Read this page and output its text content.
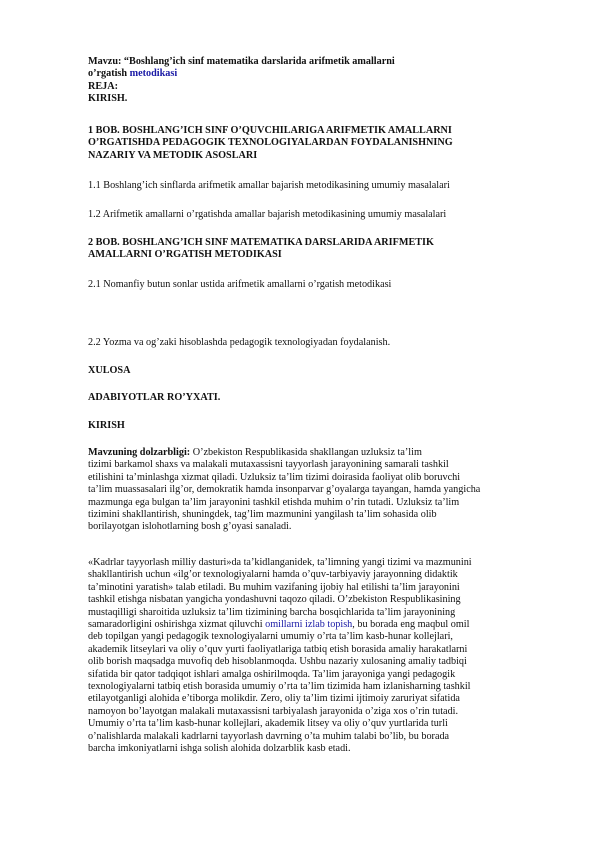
Mavzu: “Boshlang’ich sinf matematika darslarida arifmetik amallarni
o’rgatish metodikasi
REJA:
KIRISH.
1 BOB. BOSHLANG’ICH SINF O’QUVCHILARIGA ARIFMETIK AMALLARNI
O’RGATISHDA PEDAGOGIK TEXNOLOGIYALARDAN FOYDALANISHNING
NAZARIY VA METODIK ASOSLARI
1.1 Boshlang’ich sinflarda arifmetik amallar bajarish metodikasining umumiy masalalari
1.2 Arifmetik amallarni o’rgatishda amallar bajarish metodikasining umumiy masalalari
2 BOB. BOSHLANG’ICH SINF MATEMATIKA DARSLARIDA ARIFMETIK
AMALLARNI O’RGATISH METODIKASI
2.1 Nomanfiy butun sonlar ustida arifmetik amallarni o’rgatish metodikasi
2.2 Yozma va og’zaki hisoblashda pedagogik texnologiyadan foydalanish.
XULOSA
ADABIYOTLAR RO’YXATI.
KIRISH
Mavzuning dolzarbligi: O’zbekiston Respublikasida shakllangan uzluksiz ta’lim
tizimi barkamol shaxs va malakali mutaxassisni tayyorlash jarayonining samarali tashkil
etilishini ta’minlashga xizmat qiladi. Uzluksiz ta’lim tizimi doirasida faoliyat olib boruvchi
ta’lim muassasalari ilg’or, demokratik hamda insonparvar g’oyalarga tayangan, hamda yangicha
mazmunga ega bulgan ta’lim jarayonini tashkil etishda muhim o’rin tutadi. Uzluksiz ta’lim
tizimini shakllantirish, shuningdek, tag’lim mazmunini yangilash ta’lim sohasida olib
borilayotgan islohotlarning bosh g’oyasi sanaladi.
«Kadrlar tayyorlash milliy dasturi»da ta’kidlanganidek, ta’limning yangi tizimi va mazmunini
shakllantirish uchun «ilg’or texnologiyalarni hamda o’quv-tarbiyaviy jarayonning didaktik
ta’minotini yaratish» talab etiladi. Bu muhim vazifaning ijobiy hal etilishi ta’lim jarayonini
tashkil etishga nisbatan yangicha yondashuvni taqozo qiladi. O’zbekiston Respublikasining
mustaqilligi sharoitida uzluksiz ta’lim tizimining barcha bosqichlarida ta’lim jarayonining
samaradorligini oshirishga xizmat qiluvchi omillarni izlab topish, bu borada eng maqbul omil
deb topilgan yangi pedagogik texnologiyalarni umumiy o’rta ta’lim kasb-hunar kollejlari,
akademik litseylari va oliy o’quv yurti faoliyatlariga tatbiq etish borasida amaliy harakatlarni
olib borish maqsadga muvofiq deb hisoblanmoqda. Ushbu nazariy xulosaning amaliy tadbiqi
sifatida bir qator tadqiqot ishlari amalga oshirilmoqda. Ta’lim jarayoniga yangi pedagogik
texnologiyalarni tatbiq etish borasida umumiy o’rta ta’lim tizimida ham izlanisharning tashkil
etilayotganligi alohida e’tiborga molikdir. Zero, oliy ta’lim tizimi ijtimoiy zaruriyat sifatida
namoyon bo’layotgan malakali mutaxassisni tarbiyalash jarayonida o’ziga xos o’rin tutadi.
Umumiy o’rta ta’lim kasb-hunar kollejlari, akademik litsey va oliy o’quv yurtlarida turli
o’nalishlarda malakali kadrlarni tayyorlash davrning o’ta muhim talabi bo’lib, bu borada
barcha imkoniyatlarni ishga solish alohida dolzarblik kasb etadi.
